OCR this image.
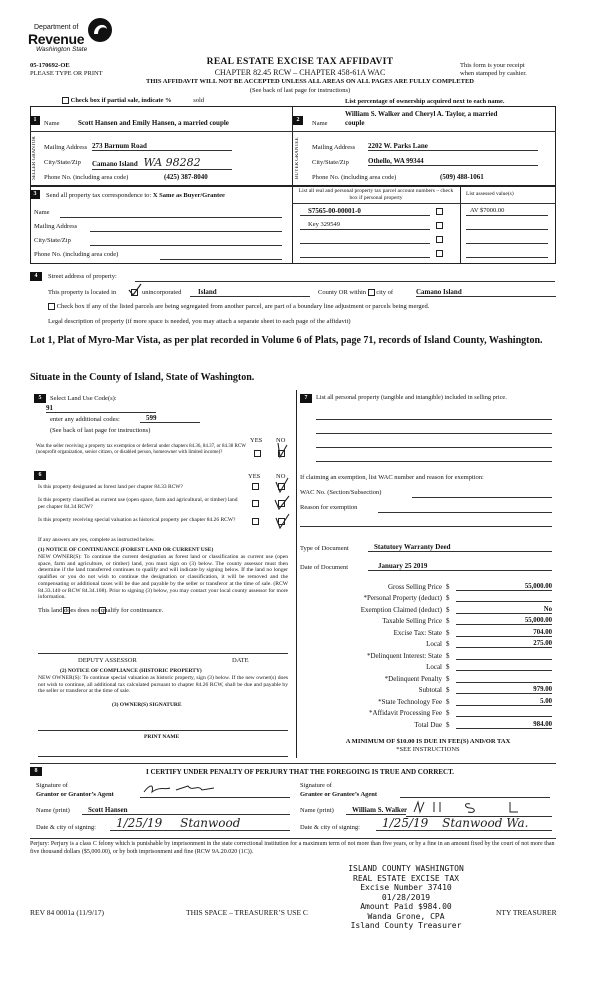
Department of
Revenue
Washington State
05-170692-OE
PLEASE TYPE OR PRINT
REAL ESTATE EXCISE TAX AFFIDAVIT
CHAPTER 82.45 RCW – CHAPTER 458-61A WAC
THIS AFFIDAVIT WILL NOT BE ACCEPTED UNLESS ALL AREAS ON ALL PAGES ARE FULLY COMPLETED
(See back of last page for instructions)
This form is your receipt
when stamped by cashier.
Check box if partial sale, indicate %	sold	List percentage of ownership acquired next to each name.
1	2
SELLER GRANTOR	BUYER GRANTEE
Name	Scott Hansen and Emily Hansen, a married couple
Mailing Address 273 Barnum Road
City/State/Zip Camano Island WA 98282
Phone No. (including area code)	(425) 387-8040
William S. Walker and Cheryl A. Taylor, a married
Name couple
Mailing Address 2202 W. Parks Lane
City/State/Zip	Othello, WA 99344
Phone No. (including area code)	(509) 488-1061
3	Send all property tax correspondence to: X Same as Buyer/Grantee
Name
Mailing Address
City/State/Zip
Phone No. (including area code)
List all real and personal property tax parcel account numbers – check box if personal property
List assessed value(s)
S7565-00-00001-0	AV $7000.00
Key 329549
4	Street address of property:
This property is located in	unincorporated	Island	County OR within city of	Camano Island
Check box if any of the listed parcels are being segregated from another parcel, are part of a boundary line adjustment or parcels being merged.
Legal description of property (if more space is needed, you may attach a separate sheet to each page of the affidavit)
Lot 1, Plat of Myro-Mar Vista, as per plat recorded in Volume 6 of Plats, page 71, records of Island County, Washington.
Situate in the County of Island, State of Washington.
5	Select Land Use Code(s):
91
enter any additional codes:	599
(See back of last page for instructions)
YES NO
Was the seller receiving a property tax exemption or deferral under chapters 84.36, 84.37, or 84.38 RCW (nonprofit organization, senior citizen, or disabled person, homeowner with limited income)?
6	YES NO
Is this property designated as forest land per chapter 84.33 RCW?
Is this property classified as current use (open space, farm and agricultural, or timber) land per chapter 84.34 RCW?
Is this property receiving special valuation as historical property per chapter 84.26 RCW?
If any answers are yes, complete as instructed below.
(1) NOTICE OF CONTINUANCE (FOREST LAND OR CURRENT USE)
NEW OWNER(S): To continue the current designation as forest land or classification as current use (open space, farm and agriculture, or timber) land, you must sign on (3) below. The county assessor must then determine if the land transferred continues to qualify and will indicate by signing below. If the land no longer qualifies or you do not wish to continue the designation or classification, it will be removed and the compensating or additional taxes will be due and payable by the seller or transferor at the time of sale. (RCW 84.33.140 or RCW 84.34.108). Prior to signing (3) below, you may contact your local county assessor for more information.
This land does does not qualify for continuance.
DEPUTY ASSESSOR	DATE
(2) NOTICE OF COMPLIANCE (HISTORIC PROPERTY)
NEW OWNER(S): To continue special valuation as historic property, sign (3) below. If the new owner(s) does not wish to continue, all additional tax calculated pursuant to chapter 84.26 RCW, shall be due and payable by the seller or transferor at the time of sale.
(3) OWNER(S) SIGNATURE
PRINT NAME
7	List all personal property (tangible and intangible) included in selling price.
If claiming an exemption, list WAC number and reason for exemption:
WAC No. (Section/Subsection)
Reason for exemption
Type of Document	Statutory Warranty Deed
Date of Document	January 25 2019
Gross Selling Price $	55,000.00
*Personal Property (deduct) $
Exemption Claimed (deduct) $	No
Taxable Selling Price $	55,000.00
Excise Tax: State $	704.00
Local $	275.00
*Delinquent Interest: State $
Local $
*Delinquent Penalty $
Subtotal $	979.00
*State Technology Fee $	5.00
*Affidavit Processing Fee $
Total Due $	984.00
A MINIMUM OF $10.00 IS DUE IN FEE(S) AND/OR TAX
*SEE INSTRUCTIONS
8	I CERTIFY UNDER PENALTY OF PERJURY THAT THE FOREGOING IS TRUE AND CORRECT.
Signature of
Grantor or Grantor’s Agent
Name (print)	Scott Hansen
Date & city of signing:	1/25/19 Stanwood
Signature of
Grantee or Grantee’s Agent
Name (print)	William S. Walker
Date & city of signing:	1/25/19 Stanwood Wa.
Perjury: Perjury is a class C felony which is punishable by imprisonment in the state correctional institution for a maximum term of not more than five years, or by a fine in an amount fixed by the court of not more than five thousand dollars ($5,000.00), or by both imprisonment and fine (RCW 9A.20.020 (1C)).
ISLAND COUNTY WASHINGTON
REAL ESTATE EXCISE TAX
Excise Number 37410
01/28/2019
Amount Paid $984.00
Wanda Grone, CPA
Island County Treasurer
REV 84 0001a (11/9/17)	THIS SPACE – TREASURER’S USE C	NTY TREASURER
